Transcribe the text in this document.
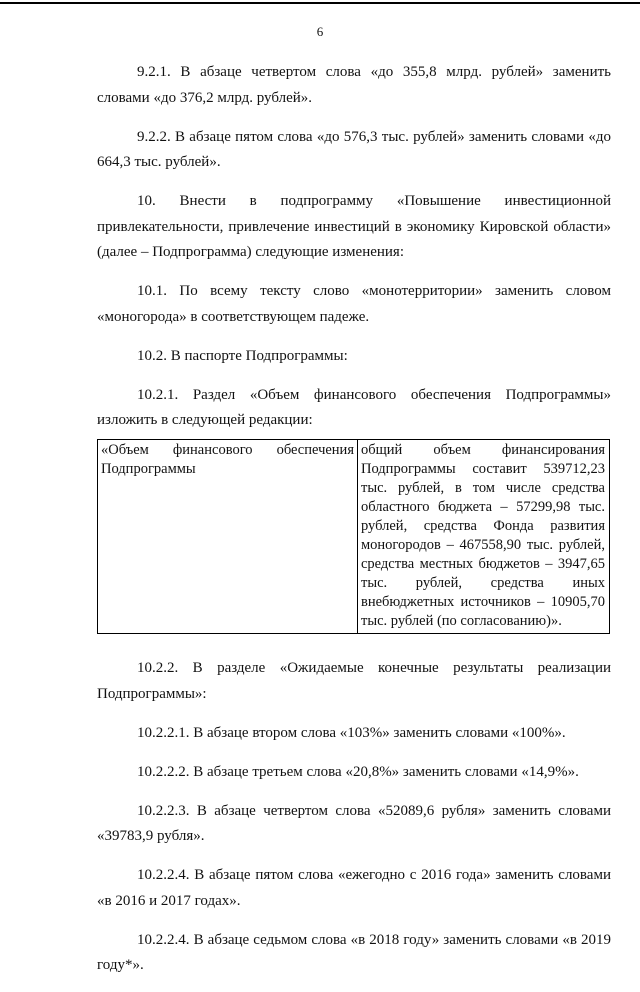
6

9.2.1. В абзаце четвертом слова «до 355,8 млрд. рублей» заменить словами «до 376,2 млрд. рублей».

9.2.2. В абзаце пятом слова «до 576,3 тыс. рублей» заменить словами «до 664,3 тыс. рублей».

10. Внести в подпрограмму «Повышение инвестиционной привлекательности, привлечение инвестиций в экономику Кировской области» (далее – Подпрограмма) следующие изменения:

10.1. По всему тексту слово «монотерритории» заменить словом «моногорода» в соответствующем падеже.

10.2. В паспорте Подпрограммы:

10.2.1. Раздел «Объем финансового обеспечения Подпрограммы» изложить в следующей редакции:

«Объем финансового обеспечения Подпрограммы	общий объем финансирования Подпрограммы составит 539712,23 тыс. рублей, в том числе средства областного бюджета – 57299,98 тыс. рублей, средства Фонда развития моногородов – 467558,90 тыс. рублей, средства местных бюджетов – 3947,65 тыс. рублей, средства иных внебюджетных источников – 10905,70 тыс. рублей (по согласованию)».

10.2.2. В разделе «Ожидаемые конечные результаты реализации Подпрограммы»:

10.2.2.1. В абзаце втором слова «103%» заменить словами «100%».

10.2.2.2. В абзаце третьем слова «20,8%» заменить словами «14,9%».

10.2.2.3. В абзаце четвертом слова «52089,6 рубля» заменить словами «39783,9 рубля».

10.2.2.4. В абзаце пятом слова «ежегодно с 2016 года» заменить словами «в 2016 и 2017 годах».

10.2.2.4. В абзаце седьмом слова «в 2018 году» заменить словами «в 2019 году*».
